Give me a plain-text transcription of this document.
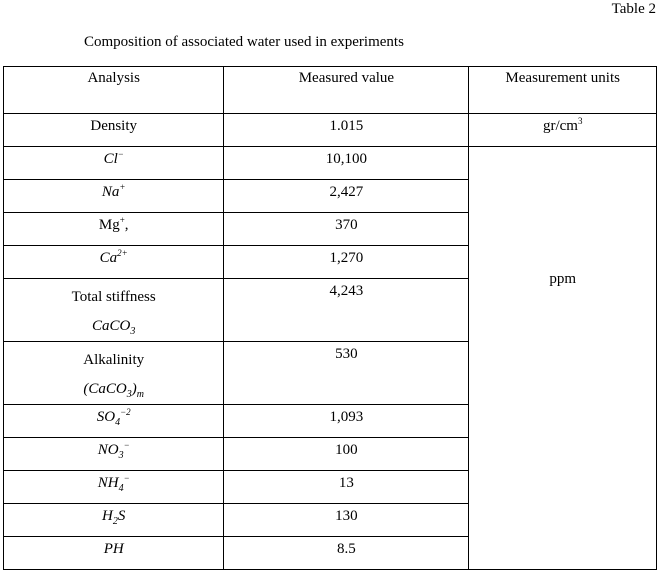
Table 2
Composition of associated water used in experiments
Analysis	Measured value	Measurement units
Density	1.015	$gr/cm^3$
Cl−	10,100	ppm
Na+	2,427	
Mg+,	370	
$Ca^{2+}$	1,270	

Total stiffness
CaCO$_3$	4,243	

Alkalinity
$(CaCO_3)_m$	530	
$SO_4^{-2}$	1,093	
$NO_3^-$	100	
$NH_4^-$	13	
$H_2S$	130	
PH	8.5	
